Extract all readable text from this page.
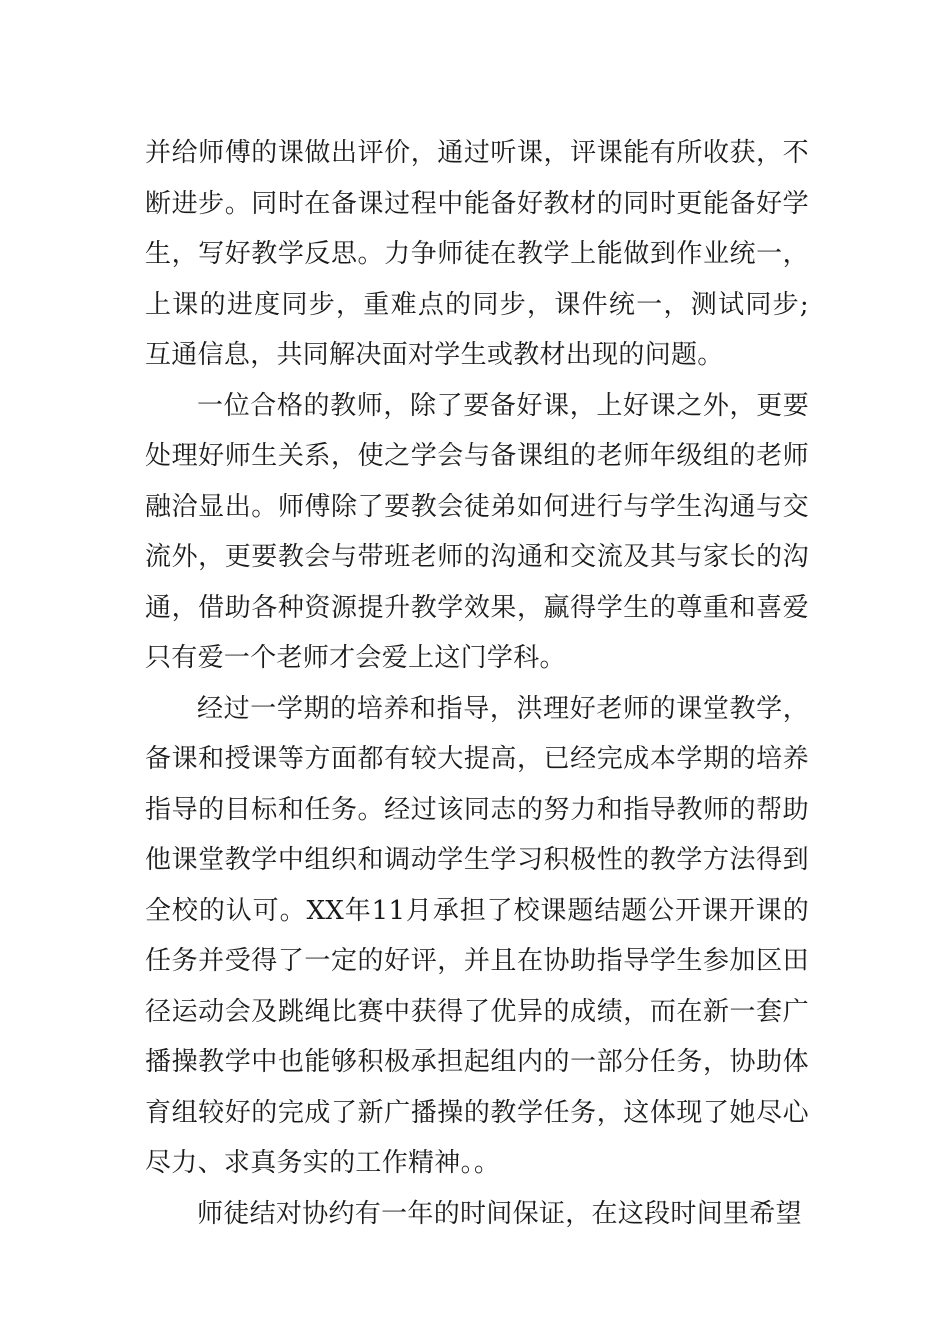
并给师傅的课做出评价，通过听课，评课能有所收获，不断进步。同时在备课过程中能备好教材的同时更能备好学生，写好教学反思。力争师徒在教学上能做到作业统一，上课的进度同步，重难点的同步，课件统一，测试同步;互通信息，共同解决面对学生或教材出现的问题。

一位合格的教师，除了要备好课，上好课之外，更要处理好师生关系，使之学会与备课组的老师年级组的老师融洽显出。师傅除了要教会徒弟如何进行与学生沟通与交流外，更要教会与带班老师的沟通和交流及其与家长的沟通，借助各种资源提升教学效果，赢得学生的尊重和喜爱只有爱一个老师才会爱上这门学科。

经过一学期的培养和指导，洪理好老师的课堂教学，备课和授课等方面都有较大提高，已经完成本学期的培养指导的目标和任务。经过该同志的努力和指导教师的帮助他课堂教学中组织和调动学生学习积极性的教学方法得到全校的认可。XX年11月承担了校课题结题公开课开课的任务并受得了一定的好评，并且在协助指导学生参加区田径运动会及跳绳比赛中获得了优异的成绩，而在新一套广播操教学中也能够积极承担起组内的一部分任务，协助体育组较好的完成了新广播操的教学任务，这体现了她尽心尽力、求真务实的工作精神。。

师徒结对协约有一年的时间保证，在这段时间里希望
